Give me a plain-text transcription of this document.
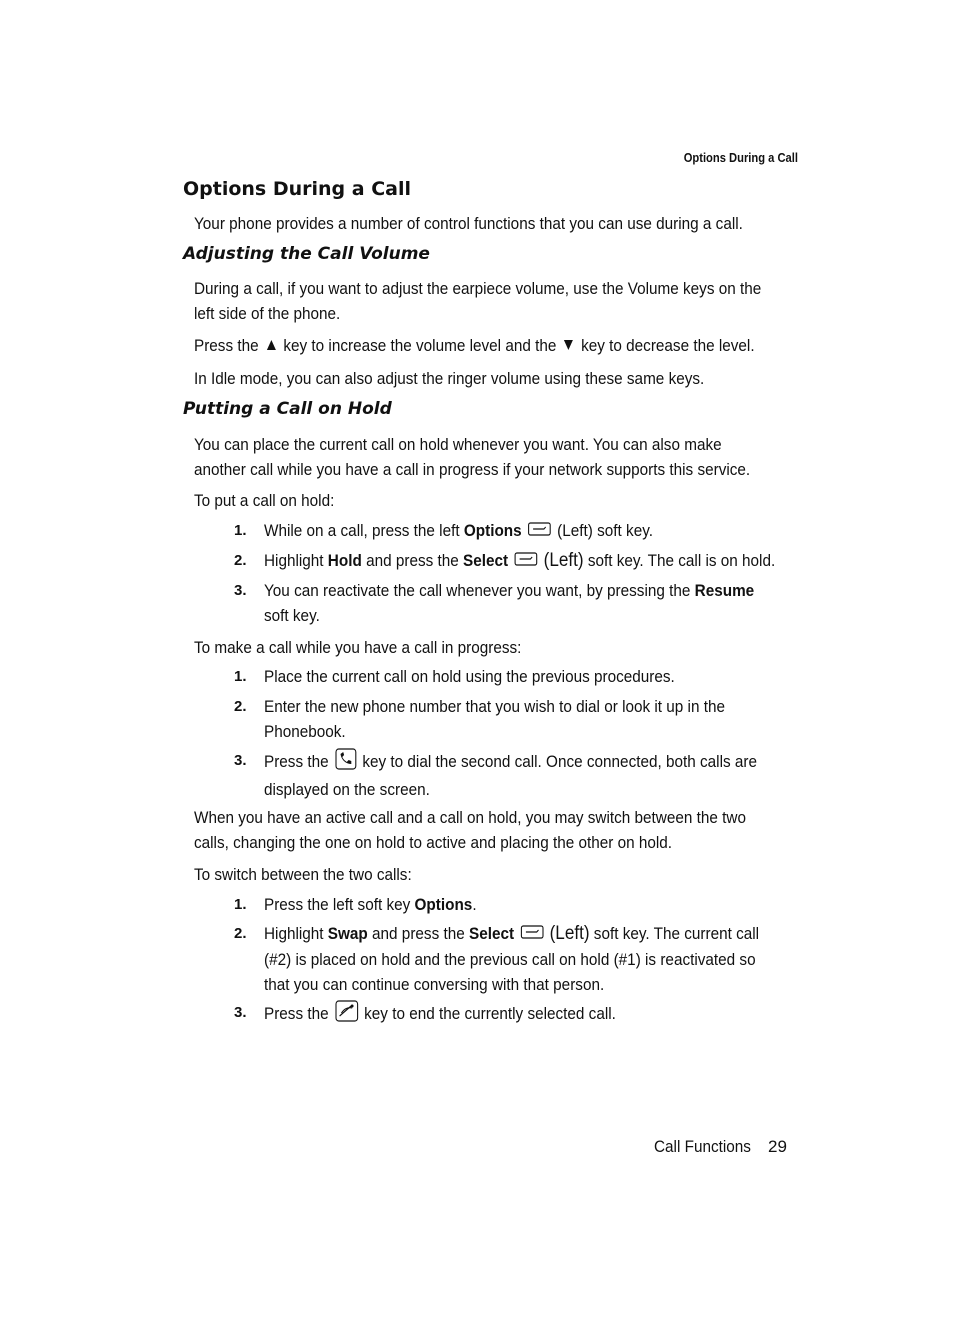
Options During a Call
Options During a Call
Your phone provides a number of control functions that you can use during a call.
Adjusting the Call Volume
During a call, if you want to adjust the earpiece volume, use the Volume keys on the
left side of the phone.
Press the key to increase the volume level and the key to decrease the level.
In Idle mode, you can also adjust the ringer volume using these same keys.
Putting a Call on Hold
You can place the current call on hold whenever you want. You can also make
another call while you have a call in progress if your network supports this service.
To put a call on hold:
1. While on a call, press the left Options (Left) soft key.
2. Highlight Hold and press the Select (Left) soft key. The call is on hold.
3. You can reactivate the call whenever you want, by pressing the Resume
soft key.
To make a call while you have a call in progress:
1. Place the current call on hold using the previous procedures.
2. Enter the new phone number that you wish to dial or look it up in the
Phonebook.
3. Press the key to dial the second call. Once connected, both calls are
displayed on the screen.
When you have an active call and a call on hold, you may switch between the two
calls, changing the one on hold to active and placing the other on hold.
To switch between the two calls:
1. Press the left soft key Options.
2. Highlight Swap and press the Select (Left) soft key. The current call
(#2) is placed on hold and the previous call on hold (#1) is reactivated so
that you can continue conversing with that person.
3. Press the key to end the currently selected call.
Call Functions	29
